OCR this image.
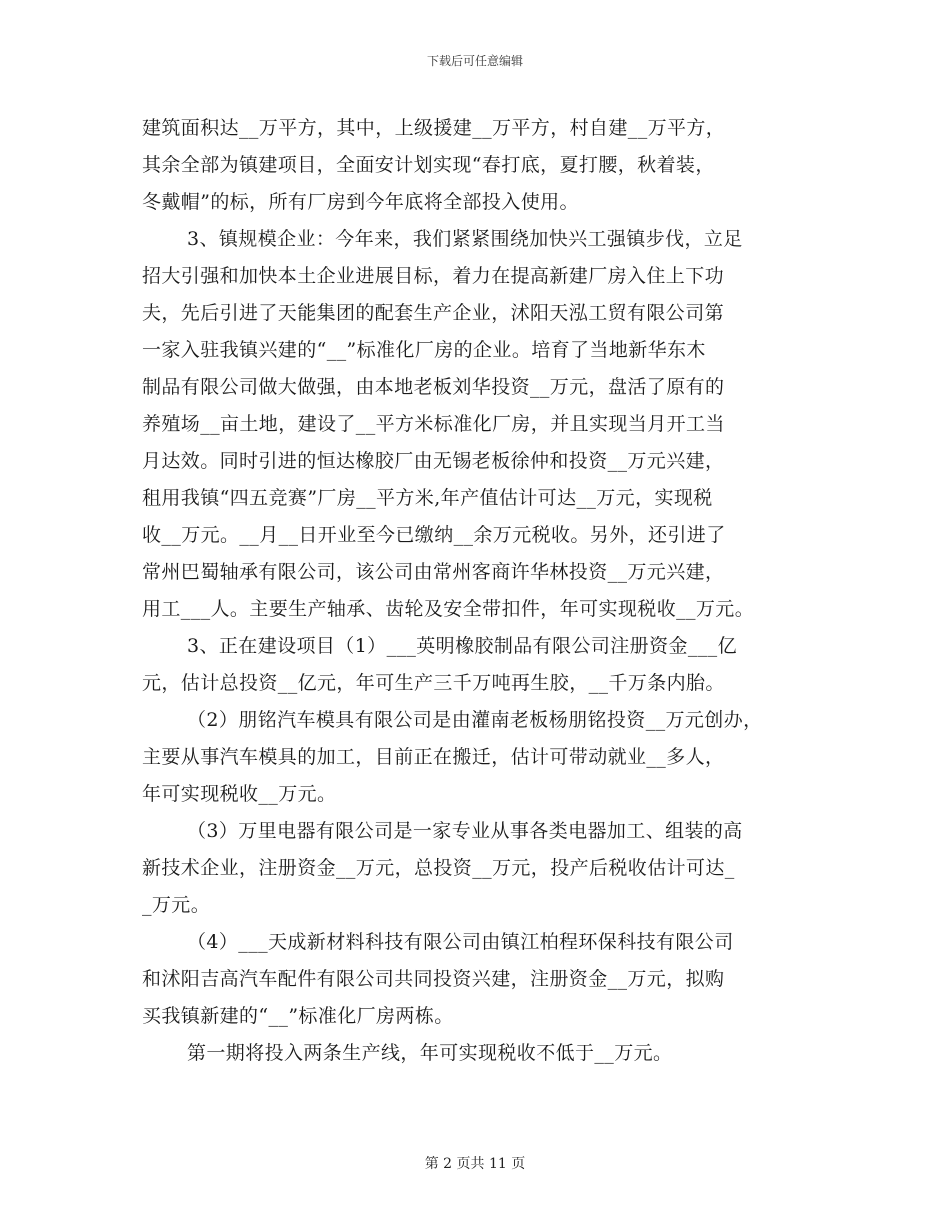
下载后可任意编辑
建筑面积达__万平方，其中，上级援建__万平方，村自建__万平方，
其余全部为镇建项目，全面安计划实现“春打底，夏打腰，秋着装，
冬戴帽”的标，所有厂房到今年底将全部投入使用。
3、镇规模企业：今年来，我们紧紧围绕加快兴工强镇步伐，立足
招大引强和加快本土企业进展目标，着力在提高新建厂房入住上下功
夫，先后引进了天能集团的配套生产企业，沭阳天泓工贸有限公司第
一家入驻我镇兴建的“__”标准化厂房的企业。培育了当地新华东木
制品有限公司做大做强，由本地老板刘华投资__万元，盘活了原有的
养殖场__亩土地，建设了__平方米标准化厂房，并且实现当月开工当
月达效。同时引进的恒达橡胶厂由无锡老板徐仲和投资__万元兴建，
租用我镇“四五竞赛”厂房__平方米,年产值估计可达__万元，实现税
收__万元。__月__日开业至今已缴纳__余万元税收。另外，还引进了
常州巴蜀轴承有限公司，该公司由常州客商许华林投资__万元兴建，
用工___人。主要生产轴承、齿轮及安全带扣件，年可实现税收__万元。
3、正在建设项目（1）___英明橡胶制品有限公司注册资金___亿
元，估计总投资__亿元，年可生产三千万吨再生胶，__千万条内胎。
（2）朋铭汽车模具有限公司是由灌南老板杨朋铭投资__万元创办，
主要从事汽车模具的加工，目前正在搬迁，估计可带动就业__多人，
年可实现税收__万元。
（3）万里电器有限公司是一家专业从事各类电器加工、组装的高
新技术企业，注册资金__万元，总投资__万元，投产后税收估计可达_
_万元。
（4）___天成新材料科技有限公司由镇江柏程环保科技有限公司
和沭阳吉高汽车配件有限公司共同投资兴建，注册资金__万元，拟购
买我镇新建的“__”标准化厂房两栋。
第一期将投入两条生产线，年可实现税收不低于__万元。
第 2 页共 11 页
